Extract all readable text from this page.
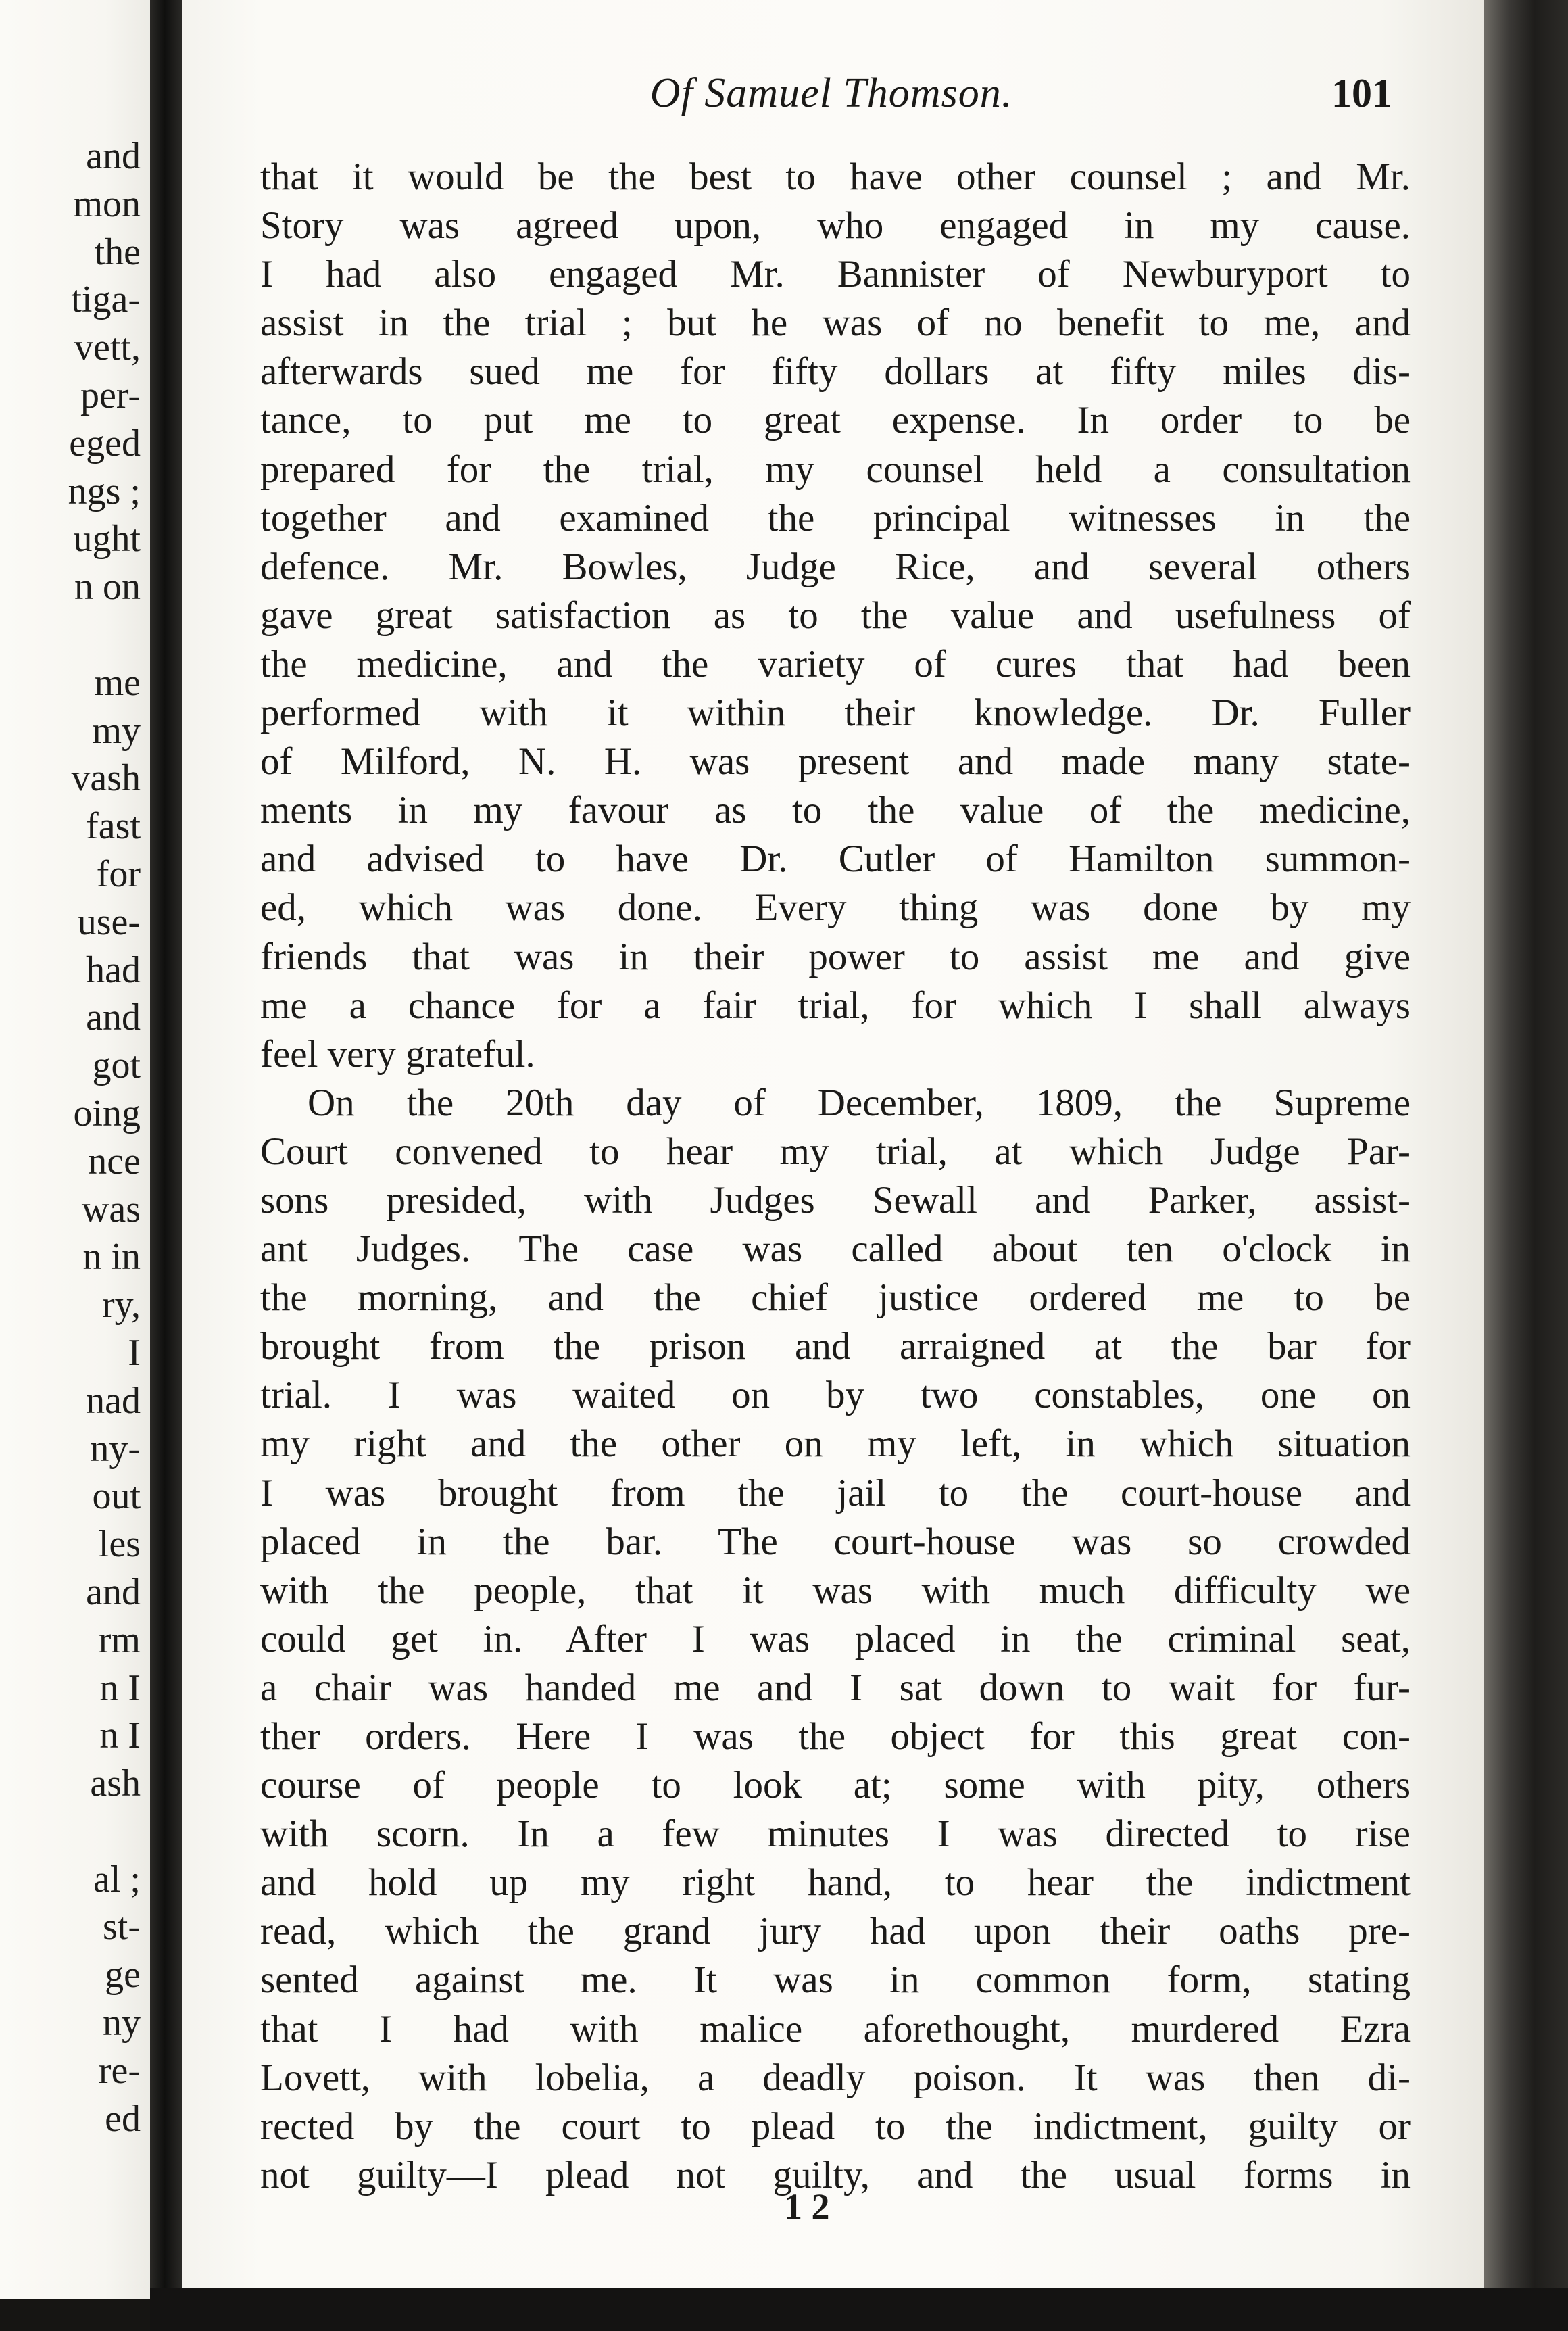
and
mon
the
tiga-
vett,
per-
eged
ngs ;
ught
n on
me
my
vash
fast
for
use-
had
and
got
oing
nce
was
n in
ry,
I
nad
ny-
out
les
and
rm
n I
n I
ash
al ;
st-
ge
ny
re-
ed
Of Samuel Thomson.	101
that it would be the best to have other counsel ; and Mr.
Story was agreed upon, who engaged in my cause.
I had also engaged Mr. Bannister of Newburyport to
assist in the trial ; but he was of no benefit to me, and
afterwards sued me for fifty dollars at fifty miles dis-
tance, to put me to great expense. In order to be
prepared for the trial, my counsel held a consultation
together and examined the principal witnesses in the
defence. Mr. Bowles, Judge Rice, and several others
gave great satisfaction as to the value and usefulness of
the medicine, and the variety of cures that had been
performed with it within their knowledge. Dr. Fuller
of Milford, N. H. was present and made many state-
ments in my favour as to the value of the medicine,
and advised to have Dr. Cutler of Hamilton summon-
ed, which was done. Every thing was done by my
friends that was in their power to assist me and give
me a chance for a fair trial, for which I shall always
feel very grateful.
On the 20th day of December, 1809, the Supreme
Court convened to hear my trial, at which Judge Par-
sons presided, with Judges Sewall and Parker, assist-
ant Judges. The case was called about ten o'clock in
the morning, and the chief justice ordered me to be
brought from the prison and arraigned at the bar for
trial. I was waited on by two constables, one on
my right and the other on my left, in which situation
I was brought from the jail to the court-house and
placed in the bar. The court-house was so crowded
with the people, that it was with much difficulty we
could get in. After I was placed in the criminal seat,
a chair was handed me and I sat down to wait for fur-
ther orders. Here I was the object for this great con-
course of people to look at; some with pity, others
with scorn. In a few minutes I was directed to rise
and hold up my right hand, to hear the indictment
read, which the grand jury had upon their oaths pre-
sented against me. It was in common form, stating
that I had with malice aforethought, murdered Ezra
Lovett, with lobelia, a deadly poison. It was then di-
rected by the court to plead to the indictment, guilty or
not guilty—I plead not guilty, and the usual forms in
1 2
